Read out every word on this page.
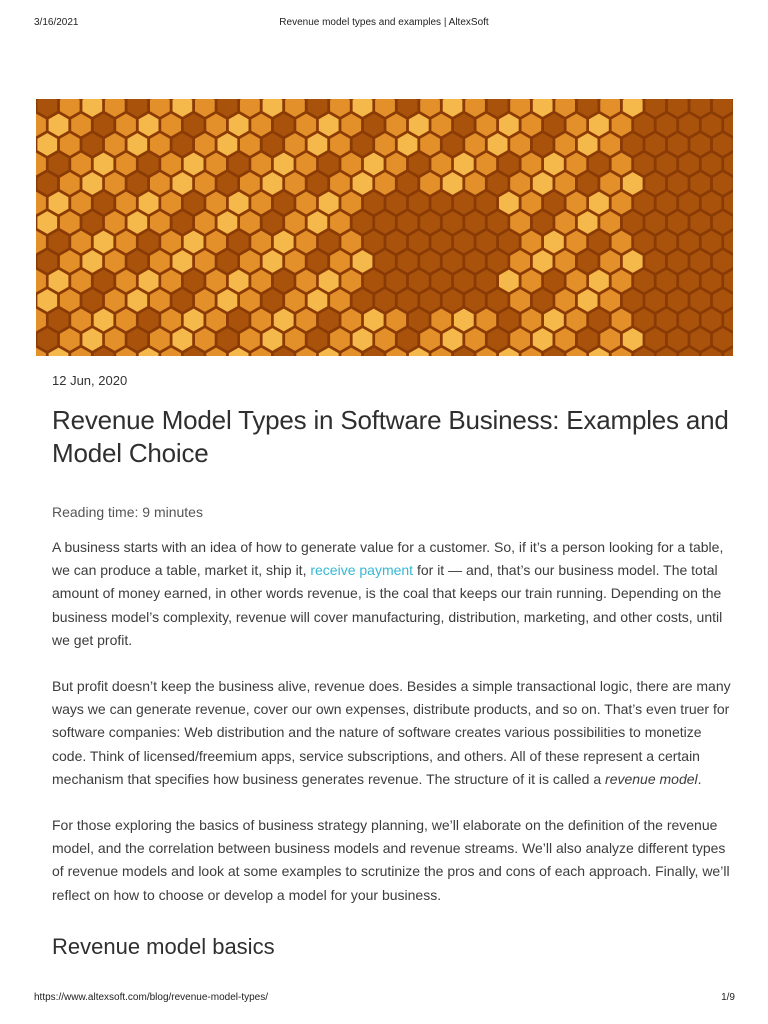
3/16/2021	Revenue model types and examples | AltexSoft

12 Jun, 2020

Revenue Model Types in Software Business: Examples and Model Choice

Reading time: 9 minutes

A business starts with an idea of how to generate value for a customer. So, if it’s a person looking for a table, we can produce a table, market it, ship it, receive payment for it — and, that’s our business model. The total amount of money earned, in other words revenue, is the coal that keeps our train running. Depending on the business model’s complexity, revenue will cover manufacturing, distribution, marketing, and other costs, until we get profit.

But profit doesn’t keep the business alive, revenue does. Besides a simple transactional logic, there are many ways we can generate revenue, cover our own expenses, distribute products, and so on. That’s even truer for software companies: Web distribution and the nature of software creates various possibilities to monetize code. Think of licensed/freemium apps, service subscriptions, and others. All of these represent a certain mechanism that specifies how business generates revenue. The structure of it is called a revenue model.

For those exploring the basics of business strategy planning, we’ll elaborate on the definition of the revenue model, and the correlation between business models and revenue streams. We’ll also analyze different types of revenue models and look at some examples to scrutinize the pros and cons of each approach. Finally, we’ll reflect on how to choose or develop a model for your business.

Revenue model basics
https://www.altexsoft.com/blog/revenue-model-types/	1/9
